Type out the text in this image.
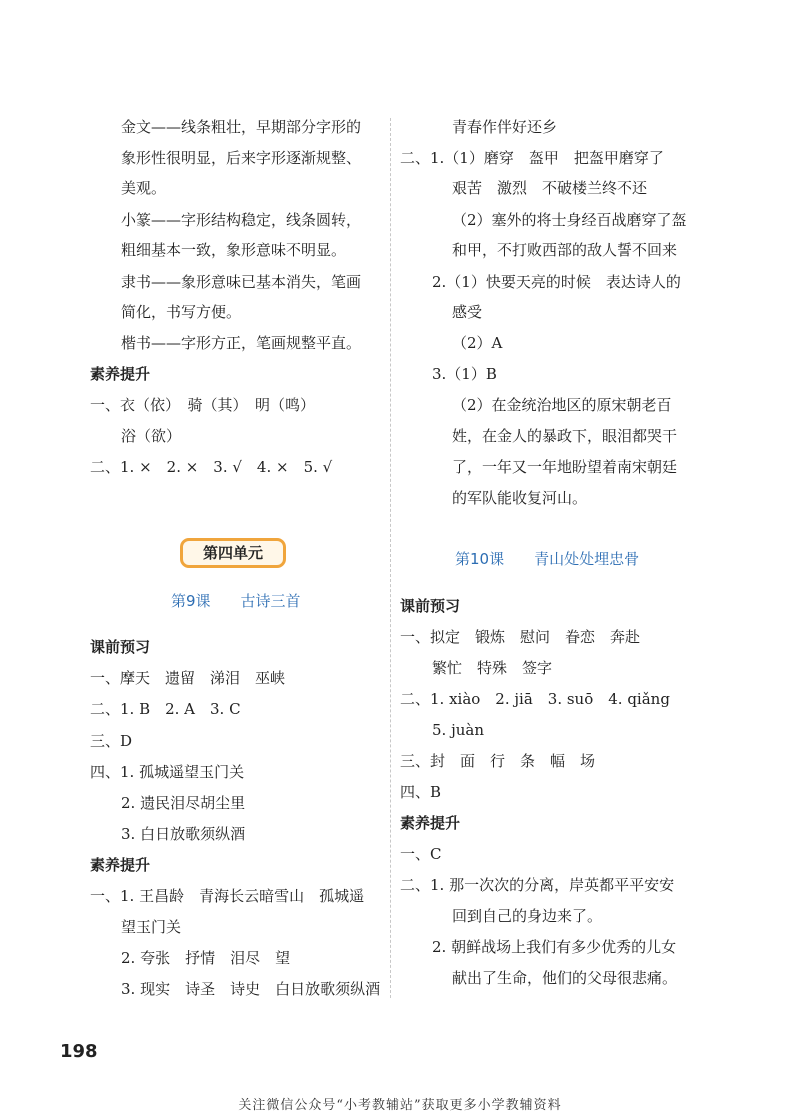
金文——线条粗壮，早期部分字形的
象形性很明显，后来字形逐渐规整、
美观。
小篆——字形结构稳定，线条圆转，
粗细基本一致，象形意味不明显。
隶书——象形意味已基本消失，笔画
简化，书写方便。
楷书——字形方正，笔画规整平直。
素养提升
一、衣（依）　骑（其）　明（鸣）
浴（欲）
二、1. ×　2. ×　3. √　4. ×　5. √
第四单元
第9课　　古诗三首
课前预习
一、摩天　遗留　涕泪　巫峡
二、1. B　2. A　3. C
三、D
四、1. 孤城遥望玉门关
2. 遗民泪尽胡尘里
3. 白日放歌须纵酒
素养提升
一、1. 王昌龄　青海长云暗雪山　孤城遥
望玉门关
2. 夸张　抒情　泪尽　望
3. 现实　诗圣　诗史　白日放歌须纵酒
青春作伴好还乡
二、1.（1）磨穿　盔甲　把盔甲磨穿了
艰苦　激烈　不破楼兰终不还
（2）塞外的将士身经百战磨穿了盔
和甲，不打败西部的敌人誓不回来
2.（1）快要天亮的时候　表达诗人的
感受
（2）A
3.（1）B
（2）在金统治地区的原宋朝老百
姓，在金人的暴政下，眼泪都哭干
了，一年又一年地盼望着南宋朝廷
的军队能收复河山。
第10课　　青山处处埋忠骨
课前预习
一、拟定　锻炼　慰问　眷恋　奔赴
繁忙　特殊　签字
二、1. xiào　2. jiā　3. suō　4. qiǎng
5. juàn
三、封　面　行　条　幅　场
四、B
素养提升
一、C
二、1. 那一次次的分离，岸英都平平安安
回到自己的身边来了。
2. 朝鲜战场上我们有多少优秀的儿女
献出了生命，他们的父母很悲痛。
198
关注微信公众号“小考教辅站”获取更多小学教辅资料
